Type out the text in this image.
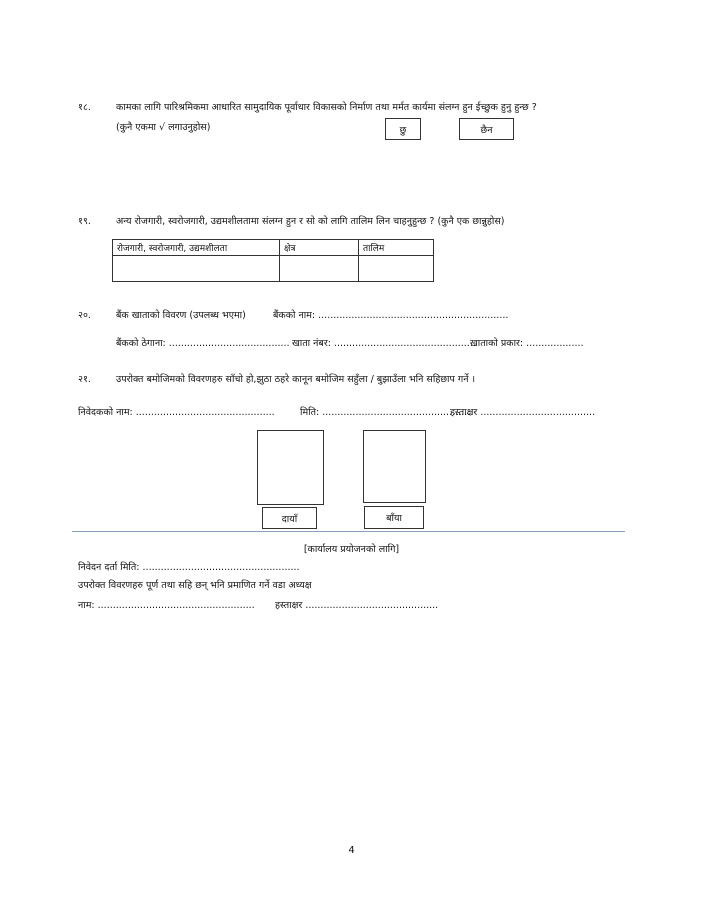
१८.	कामका लागि पारिश्रमिकमा आधारित सामुदायिक पूर्वाधार विकासको निर्माण तथा मर्मत कार्यमा संलग्न हुन ईच्छुक हुनु हुन्छ ?
(कुनै एकमा √ लगाउनुहोस)	छु	छैन
१९.	अन्य रोजगारी, स्वरोजगारी, उद्यमशीलतामा संलग्न हुन र सो को लागि तालिम लिन चाहनुहुन्छ ? (कुनै एक छान्नुहोस)
रोजगारी, स्वरोजगारी, उद्यमशीलता	क्षेत्र	तालिम

२०.	बैंक खाताको विवरण (उपलब्ध भएमा)	बैंकको नाम: ...............................................................
बैंकको ठेगाना: ........................................ खाता नंबर: ...............................................
खाताको प्रकार: ...................
२१.	उपरोक्त बमोजिमको विवरणहरु साँचो हो,झुठा ठहरे कानून बमोजिम सहुँला / बुझाउँला भनि सहिछाप गर्ने ।
निवेदकको नाम: ..............................................	मिति: ..................................................
हस्ताक्षर ......................................
दायाँ	बाँया
[कार्यालय प्रयोजनको लागि]
निवेदन दर्ता मिति: ....................................................
उपरोक्त विवरणहरु पूर्ण तथा सहि छन् भनि प्रमाणित गर्ने वडा अध्यक्ष
नाम: .................................................... हस्ताक्षर ............................................
4
